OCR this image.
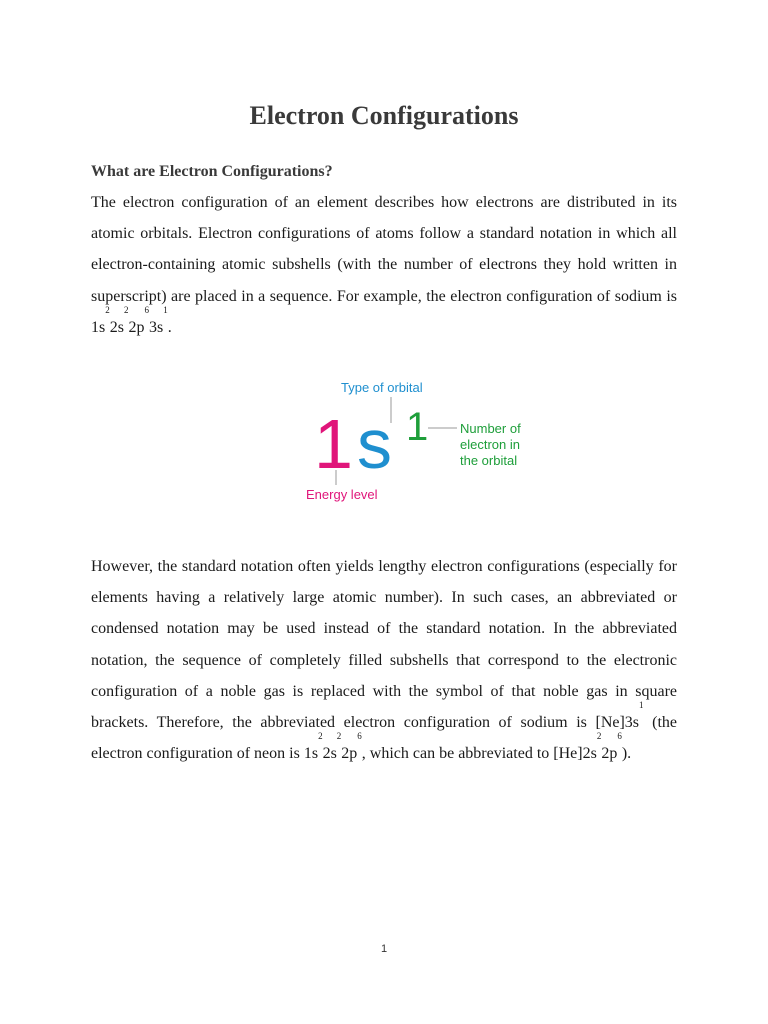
Electron Configurations
What are Electron Configurations?

The electron configuration of an element describes how electrons are distributed in its atomic orbitals. Electron configurations of atoms follow a standard notation in which all electron-containing atomic subshells (with the number of electrons they hold written in superscript) are placed in a sequence. For example, the electron configuration of sodium is $1s^22s^22p^63s^1$.

Type of orbital
1 s 1 Number of
electron in
the orbital
Energy level

However, the standard notation often yields lengthy electron configurations (especially for elements having a relatively large atomic number). In such cases, an abbreviated or condensed notation may be used instead of the standard notation. In the abbreviated notation, the sequence of completely filled subshells that correspond to the electronic configuration of a noble gas is replaced with the symbol of that noble gas in square brackets. Therefore, the abbreviated electron configuration of sodium is $[Ne]3s^1$ (the electron configuration of neon is $1s^22s^22p^6$, which can be abbreviated to $[He]2s^22p^6$).

1
